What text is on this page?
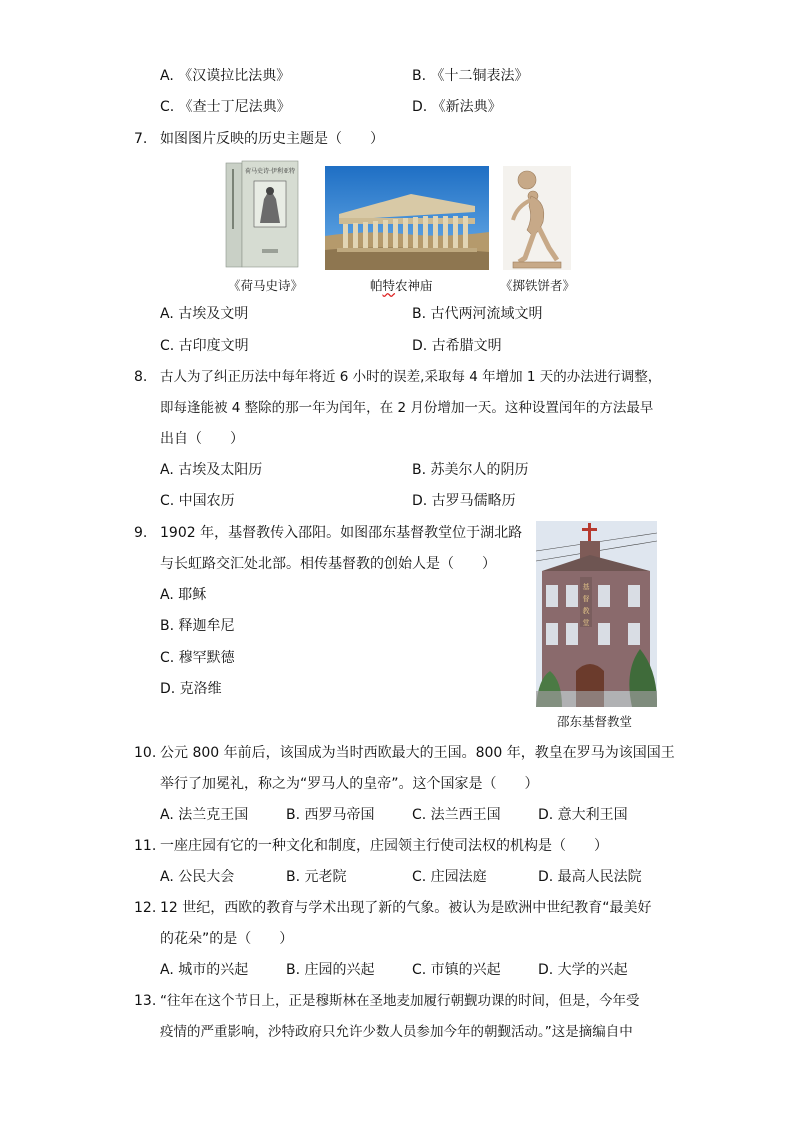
A. 《汉谟拉比法典》	B. 《十二铜表法》
C. 《查士丁尼法典》	D. 《新法典》
7. 如图图片反映的历史主题是（　　）
荷马史诗·伊利亚特
《荷马史诗》	帕特农神庙	《掷铁饼者》
A. 古埃及文明	B. 古代两河流域文明
C. 古印度文明	D. 古希腊文明
8. 古人为了纠正历法中每年将近 6 小时的误差,采取每 4 年增加 1 天的办法进行调整，
即每逢能被 4 整除的那一年为闰年，在 2 月份增加一天。这种设置闰年的方法最早
出自（　　）
A. 古埃及太阳历	B. 苏美尔人的阴历
C. 中国农历	D. 古罗马儒略历
9. 1902 年，基督教传入邵阳。如图邵东基督教堂位于湖北路
与长虹路交汇处北部。相传基督教的创始人是（　　）
A. 耶稣
B. 释迦牟尼
C. 穆罕默德
D. 克洛维
基
督
教
堂
邵东基督教堂
10. 公元 800 年前后，该国成为当时西欧最大的王国。800 年，教皇在罗马为该国国王
举行了加冕礼，称之为“罗马人的皇帝”。这个国家是（　　）
A. 法兰克王国	B. 西罗马帝国	C. 法兰西王国	D. 意大利王国
11. 一座庄园有它的一种文化和制度，庄园领主行使司法权的机构是（　　）
A. 公民大会	B. 元老院	C. 庄园法庭	D. 最高人民法院
12. 12 世纪，西欧的教育与学术出现了新的气象。被认为是欧洲中世纪教育“最美好
的花朵”的是（　　）
A. 城市的兴起	B. 庄园的兴起	C. 市镇的兴起	D. 大学的兴起
13. “往年在这个节日上，正是穆斯林在圣地麦加履行朝觐功课的时间，但是，今年受
疫情的严重影响，沙特政府只允许少数人员参加今年的朝觐活动。”这是摘编自中
